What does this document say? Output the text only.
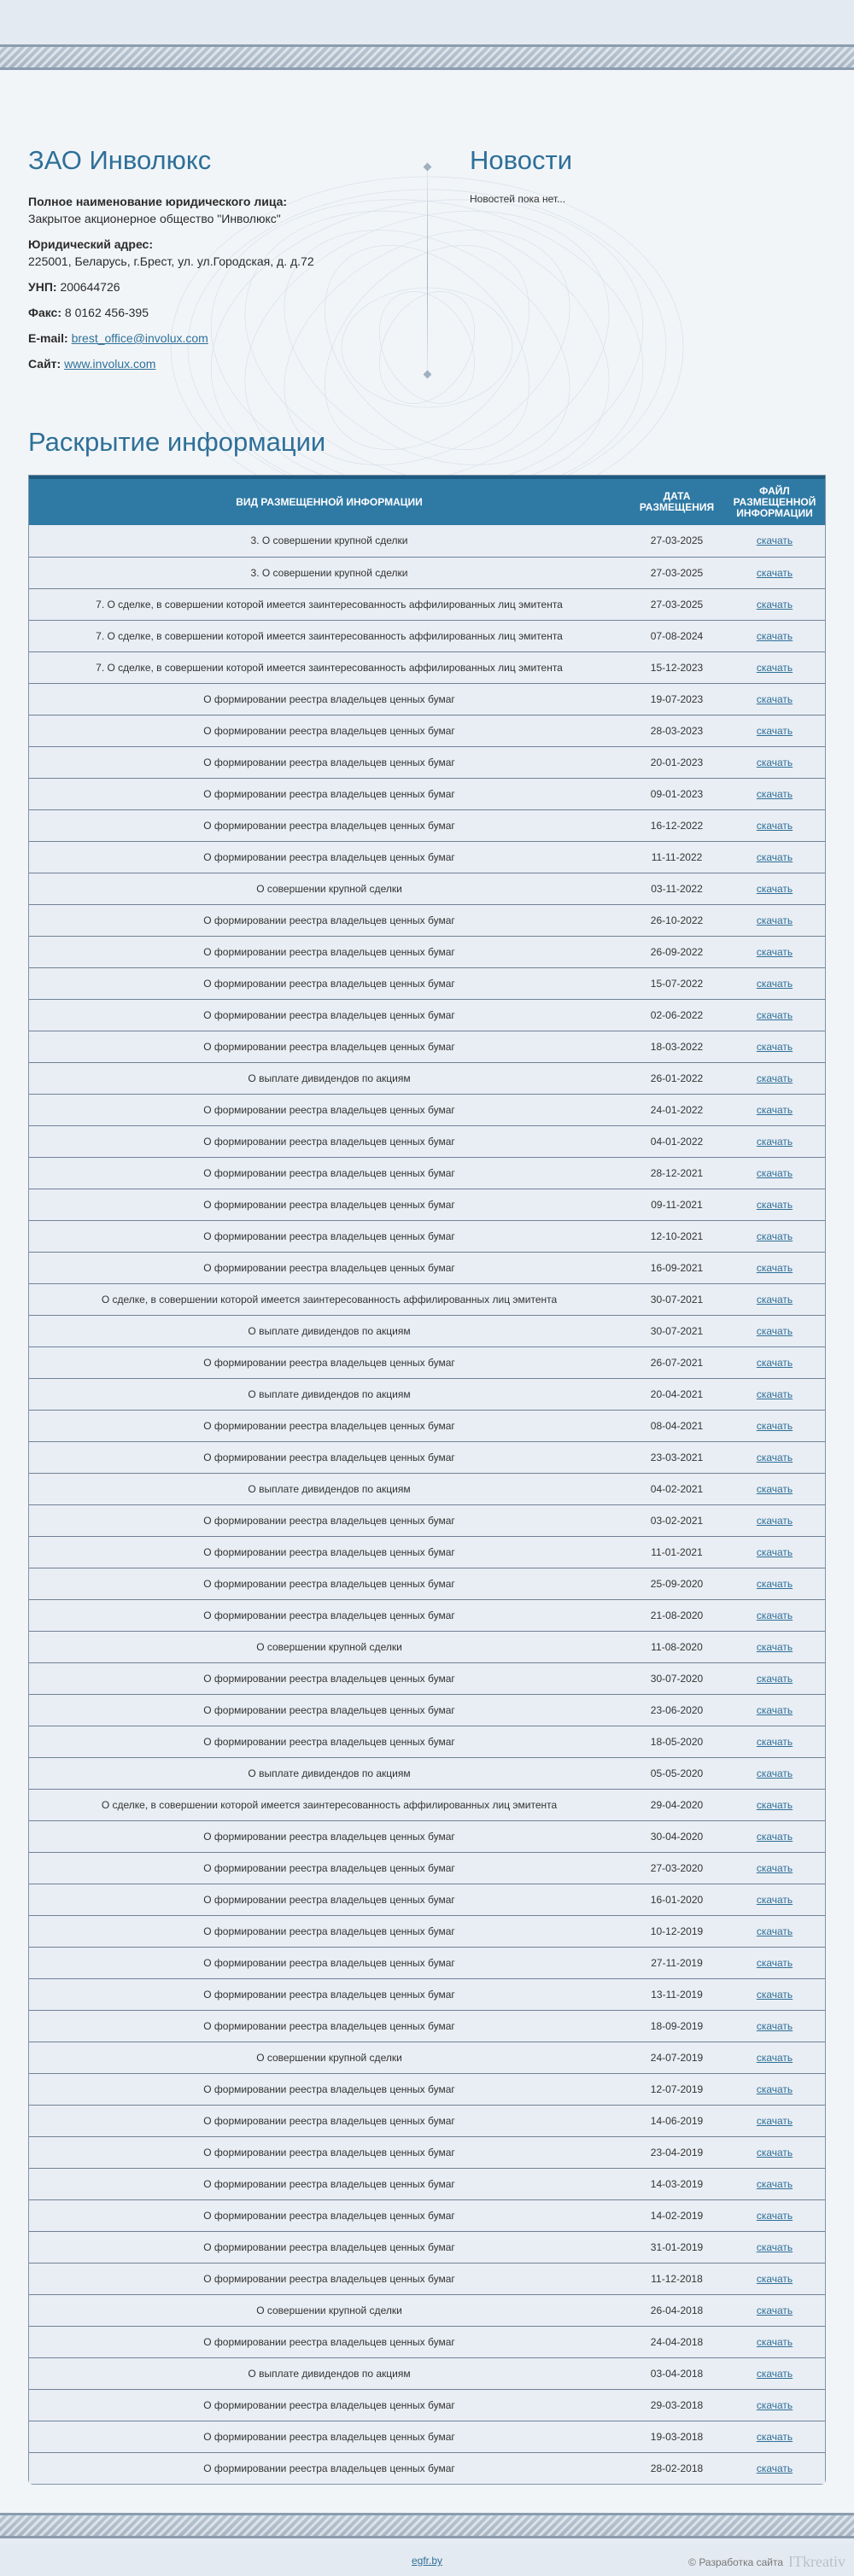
ЗАО Инволюкс
Полное наименование юридического лица:
Закрытое акционерное общество "Инволюкс"
Юридический адрес:
225001, Беларусь, г.Брест, ул. ул.Городская, д. д.72
УНП: 200644726
Факс: 8 0162 456-395
E-mail: brest_office@involux.com
Сайт: www.involux.com
Новости
Новостей пока нет...
Раскрытие информации
ВИД РАЗМЕЩЕННОЙ ИНФОРМАЦИИ	ДАТА РАЗМЕЩЕНИЯ	ФАЙЛ РАЗМЕЩЕННОЙ ИНФОРМАЦИИ
3. О совершении крупной сделки	27-03-2025	скачать
3. О совершении крупной сделки	27-03-2025	скачать
7. О сделке, в совершении которой имеется заинтересованность аффилированных лиц эмитента	27-03-2025	скачать
7. О сделке, в совершении которой имеется заинтересованность аффилированных лиц эмитента	07-08-2024	скачать
7. О сделке, в совершении которой имеется заинтересованность аффилированных лиц эмитента	15-12-2023	скачать
О формировании реестра владельцев ценных бумаг	19-07-2023	скачать
О формировании реестра владельцев ценных бумаг	28-03-2023	скачать
О формировании реестра владельцев ценных бумаг	20-01-2023	скачать
О формировании реестра владельцев ценных бумаг	09-01-2023	скачать
О формировании реестра владельцев ценных бумаг	16-12-2022	скачать
О формировании реестра владельцев ценных бумаг	11-11-2022	скачать
О совершении крупной сделки	03-11-2022	скачать
О формировании реестра владельцев ценных бумаг	26-10-2022	скачать
О формировании реестра владельцев ценных бумаг	26-09-2022	скачать
О формировании реестра владельцев ценных бумаг	15-07-2022	скачать
О формировании реестра владельцев ценных бумаг	02-06-2022	скачать
О формировании реестра владельцев ценных бумаг	18-03-2022	скачать
О выплате дивидендов по акциям	26-01-2022	скачать
О формировании реестра владельцев ценных бумаг	24-01-2022	скачать
О формировании реестра владельцев ценных бумаг	04-01-2022	скачать
О формировании реестра владельцев ценных бумаг	28-12-2021	скачать
О формировании реестра владельцев ценных бумаг	09-11-2021	скачать
О формировании реестра владельцев ценных бумаг	12-10-2021	скачать
О формировании реестра владельцев ценных бумаг	16-09-2021	скачать
О сделке, в совершении которой имеется заинтересованность аффилированных лиц эмитента	30-07-2021	скачать
О выплате дивидендов по акциям	30-07-2021	скачать
О формировании реестра владельцев ценных бумаг	26-07-2021	скачать
О выплате дивидендов по акциям	20-04-2021	скачать
О формировании реестра владельцев ценных бумаг	08-04-2021	скачать
О формировании реестра владельцев ценных бумаг	23-03-2021	скачать
О выплате дивидендов по акциям	04-02-2021	скачать
О формировании реестра владельцев ценных бумаг	03-02-2021	скачать
О формировании реестра владельцев ценных бумаг	11-01-2021	скачать
О формировании реестра владельцев ценных бумаг	25-09-2020	скачать
О формировании реестра владельцев ценных бумаг	21-08-2020	скачать
О совершении крупной сделки	11-08-2020	скачать
О формировании реестра владельцев ценных бумаг	30-07-2020	скачать
О формировании реестра владельцев ценных бумаг	23-06-2020	скачать
О формировании реестра владельцев ценных бумаг	18-05-2020	скачать
О выплате дивидендов по акциям	05-05-2020	скачать
О сделке, в совершении которой имеется заинтересованность аффилированных лиц эмитента	29-04-2020	скачать
О формировании реестра владельцев ценных бумаг	30-04-2020	скачать
О формировании реестра владельцев ценных бумаг	27-03-2020	скачать
О формировании реестра владельцев ценных бумаг	16-01-2020	скачать
О формировании реестра владельцев ценных бумаг	10-12-2019	скачать
О формировании реестра владельцев ценных бумаг	27-11-2019	скачать
О формировании реестра владельцев ценных бумаг	13-11-2019	скачать
О формировании реестра владельцев ценных бумаг	18-09-2019	скачать
О совершении крупной сделки	24-07-2019	скачать
О формировании реестра владельцев ценных бумаг	12-07-2019	скачать
О формировании реестра владельцев ценных бумаг	14-06-2019	скачать
О формировании реестра владельцев ценных бумаг	23-04-2019	скачать
О формировании реестра владельцев ценных бумаг	14-03-2019	скачать
О формировании реестра владельцев ценных бумаг	14-02-2019	скачать
О формировании реестра владельцев ценных бумаг	31-01-2019	скачать
О формировании реестра владельцев ценных бумаг	11-12-2018	скачать
О совершении крупной сделки	26-04-2018	скачать
О формировании реестра владельцев ценных бумаг	24-04-2018	скачать
О выплате дивидендов по акциям	03-04-2018	скачать
О формировании реестра владельцев ценных бумаг	29-03-2018	скачать
О формировании реестра владельцев ценных бумаг	19-03-2018	скачать
О формировании реестра владельцев ценных бумаг	28-02-2018	скачать
egfr.by	© Разработка сайта ITkreativ
